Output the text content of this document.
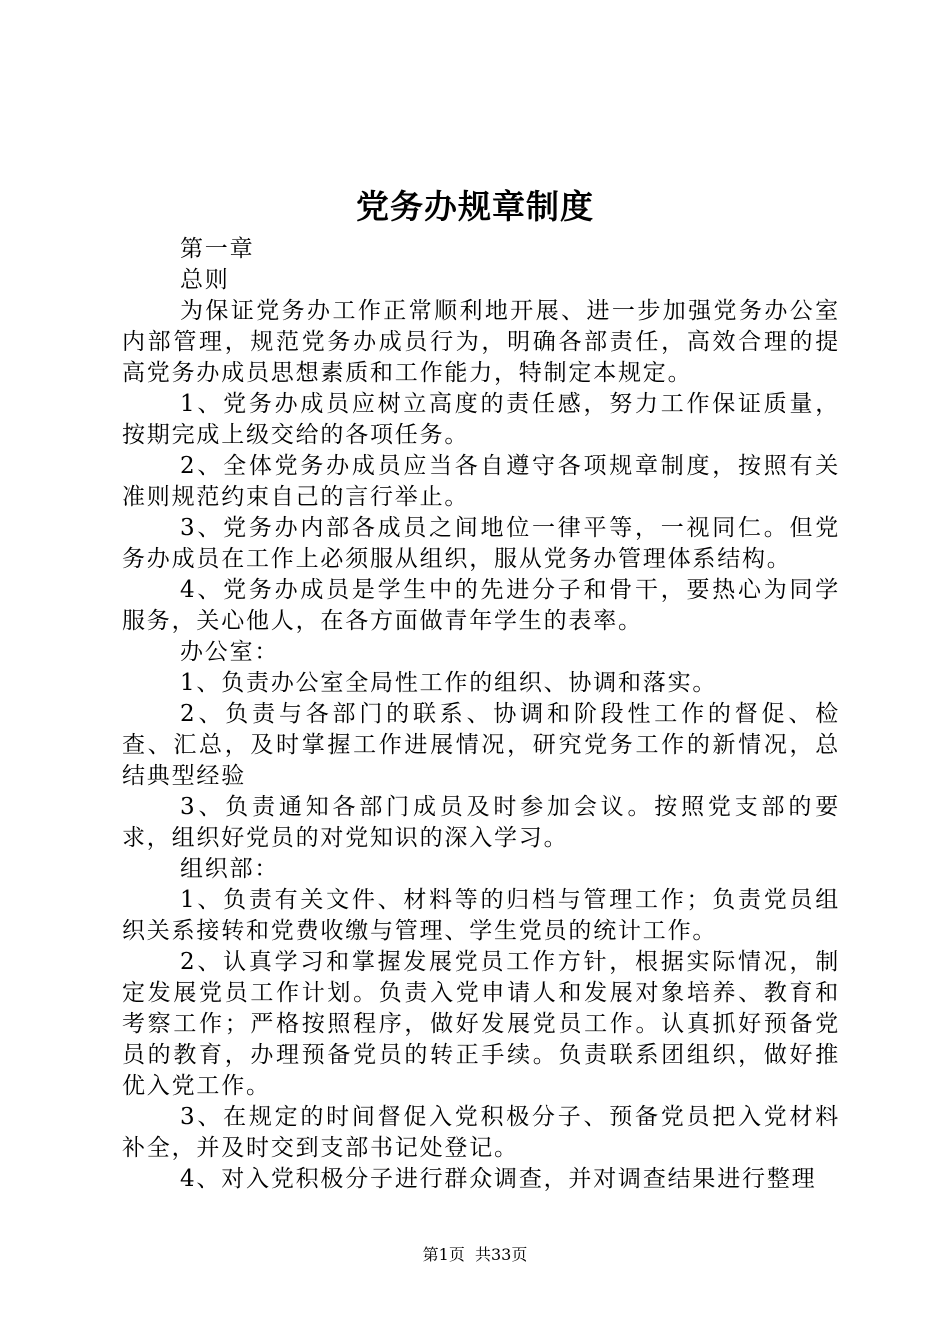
党务办规章制度

第一章

总则

为保证党务办工作正常顺利地开展、进一步加强党务办公室内部管理，规范党务办成员行为，明确各部责任，高效合理的提高党务办成员思想素质和工作能力，特制定本规定。

1、党务办成员应树立高度的责任感，努力工作保证质量，按期完成上级交给的各项任务。

2、全体党务办成员应当各自遵守各项规章制度，按照有关准则规范约束自己的言行举止。

3、党务办内部各成员之间地位一律平等，一视同仁。但党务办成员在工作上必须服从组织，服从党务办管理体系结构。

4、党务办成员是学生中的先进分子和骨干，要热心为同学服务，关心他人，在各方面做青年学生的表率。

办公室：

1、负责办公室全局性工作的组织、协调和落实。

2、负责与各部门的联系、协调和阶段性工作的督促、检查、汇总，及时掌握工作进展情况，研究党务工作的新情况，总结典型经验

3、负责通知各部门成员及时参加会议。按照党支部的要求，组织好党员的对党知识的深入学习。

组织部：

1、负责有关文件、材料等的归档与管理工作；负责党员组织关系接转和党费收缴与管理、学生党员的统计工作。

2、认真学习和掌握发展党员工作方针，根据实际情况，制定发展党员工作计划。负责入党申请人和发展对象培养、教育和考察工作；严格按照程序，做好发展党员工作。认真抓好预备党员的教育，办理预备党员的转正手续。负责联系团组织，做好推优入党工作。

3、在规定的时间督促入党积极分子、预备党员把入党材料补全，并及时交到支部书记处登记。

4、对入党积极分子进行群众调查，并对调查结果进行整理

第1页  共33页
